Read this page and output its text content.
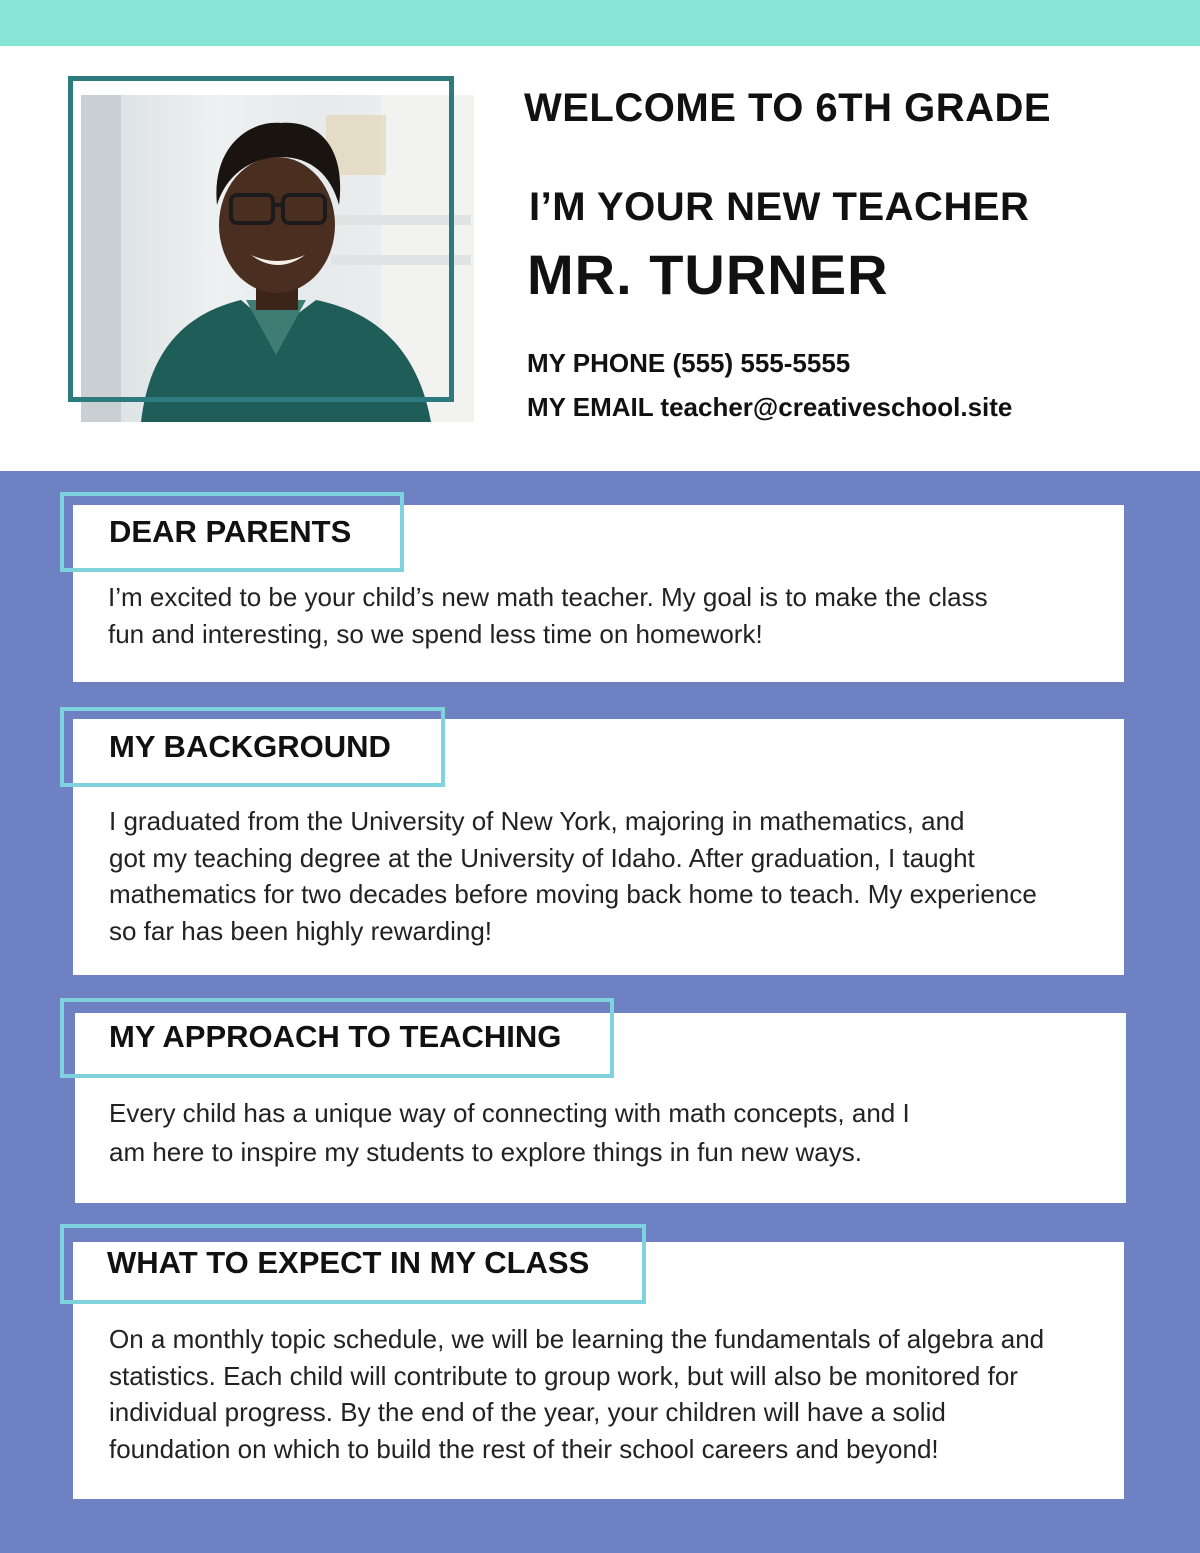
WELCOME TO 6TH GRADE
I’M YOUR NEW TEACHER
MR. TURNER
MY PHONE (555) 555-5555
MY EMAIL teacher@creativeschool.site
DEAR PARENTS
I’m excited to be your child’s new math teacher. My goal is to make the class
fun and interesting, so we spend less time on homework!
MY BACKGROUND
I graduated from the University of New York, majoring in mathematics, and
got my teaching degree at the University of Idaho. After graduation, I taught
mathematics for two decades before moving back home to teach. My experience
so far has been highly rewarding!
MY APPROACH TO TEACHING
Every child has a unique way of connecting with math concepts, and I
am here to inspire my students to explore things in fun new ways.
WHAT TO EXPECT IN MY CLASS
On a monthly topic schedule, we will be learning the fundamentals of algebra and
statistics. Each child will contribute to group work, but will also be monitored for
individual progress. By the end of the year, your children will have a solid
foundation on which to build the rest of their school careers and beyond!
